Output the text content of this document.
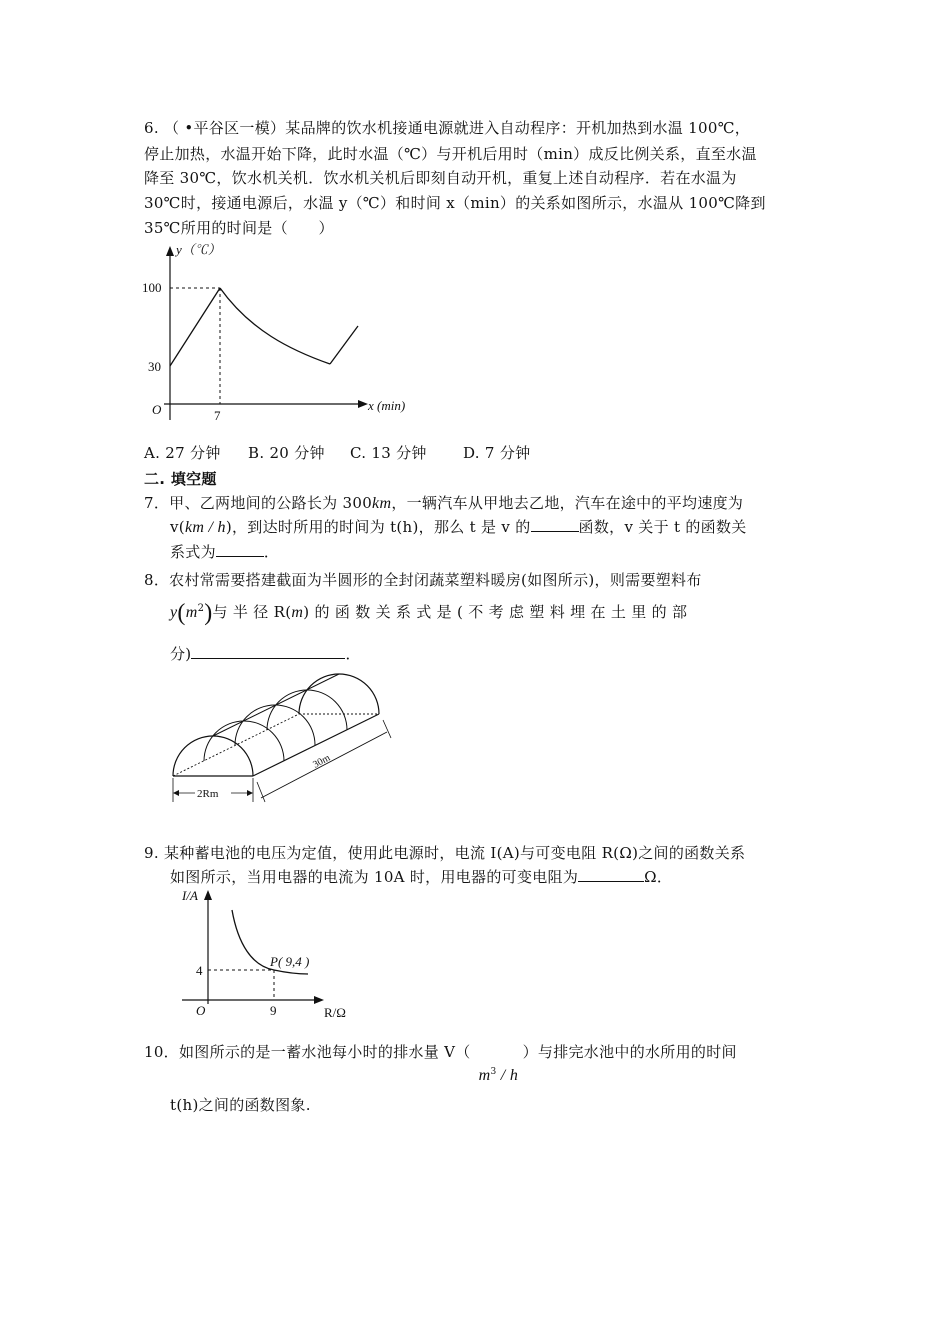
6. （ •平谷区一模）某品牌的饮水机接通电源就进入自动程序：开机加热到水温 100℃，
停止加热，水温开始下降，此时水温（℃）与开机后用时（min）成反比例关系，直至水温
降至 30℃，饮水机关机．饮水机关机后即刻自动开机，重复上述自动程序．若在水温为
30℃时，接通电源后，水温 y（℃）和时间 x（min）的关系如图所示，水温从 100℃降到
35℃所用的时间是（　　）
y（℃）
x (min)
O
100
30
7
A. 27 分钟 B. 20 分钟 C. 13 分钟 D. 7 分钟
二. 填空题
7．甲、乙两地间的公路长为 300km，一辆汽车从甲地去乙地，汽车在途中的平均速度为
v(km / h)，到达时所用的时间为 t(h)，那么 t 是 v 的	函数，v 关于 t 的函数关
系式为	．
8．农村常需要搭建截面为半圆形的全封闭蔬菜塑料暖房(如图所示)，则需要塑料布
$y(m^2)$与 半 径 R(m) 的 函 数 关 系 式 是 ( 不 考 虑 塑 料 埋 在 土 里 的 部
分)	．
30m
2Rm
9. 某种蓄电池的电压为定值，使用此电源时，电流 I(A)与可变电阻 R(Ω)之间的函数关系
如图所示，当用电器的电流为 10A 时，用电器的可变电阻为	Ω．
I/A
R/Ω
O
4
9
P( 9,4 )
10．如图所示的是一蓄水池每小时的排水量 V（
$m^3$ / h
）与排完水池中的水所用的时间
t(h)之间的函数图象.
